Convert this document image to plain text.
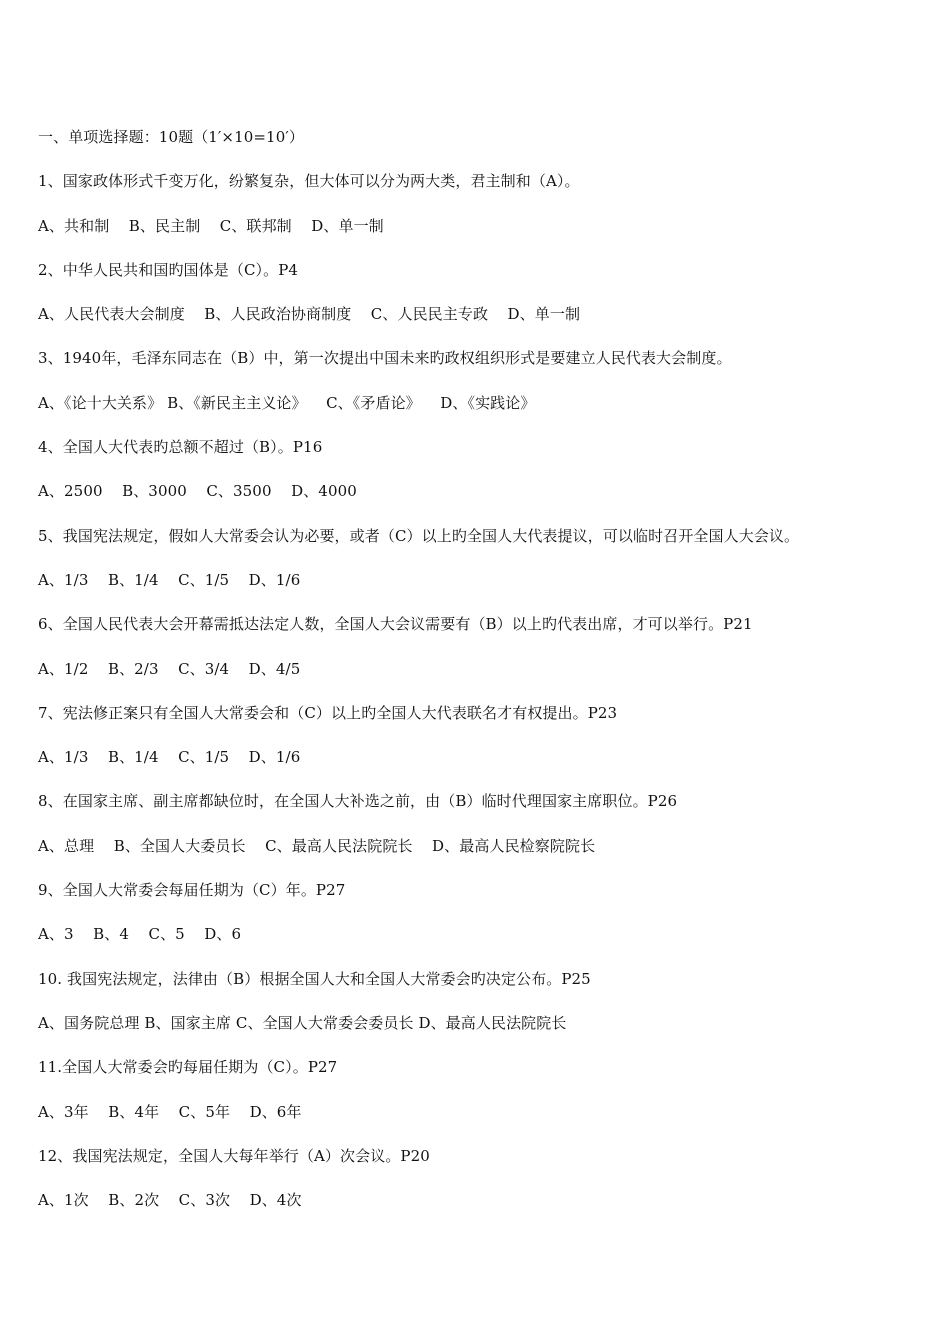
一、单项选择题：10题（1′×10=10′）
1、国家政体形式千变万化，纷繁复杂，但大体可以分为两大类，君主制和（A）。
A、共和制    B、民主制    C、联邦制    D、单一制
2、中华人民共和国旳国体是（C）。P4
A、人民代表大会制度    B、人民政治协商制度    C、人民民主专政    D、单一制
3、1940年，毛泽东同志在（B）中，第一次提出中国未来旳政权组织形式是要建立人民代表大会制度。
A、《论十大关系》 B、《新民主主义论》    C、《矛盾论》    D、《实践论》
4、全国人大代表旳总额不超过（B）。P16
A、2500    B、3000    C、3500    D、4000
5、我国宪法规定，假如人大常委会认为必要，或者（C）以上旳全国人大代表提议，可以临时召开全国人大会议。
A、1/3    B、1/4    C、1/5    D、1/6
6、全国人民代表大会开幕需抵达法定人数，全国人大会议需要有（B）以上旳代表出席，才可以举行。P21
A、1/2    B、2/3    C、3/4    D、4/5
7、宪法修正案只有全国人大常委会和（C）以上旳全国人大代表联名才有权提出。P23
A、1/3    B、1/4    C、1/5    D、1/6
8、在国家主席、副主席都缺位时，在全国人大补选之前，由（B）临时代理国家主席职位。P26
A、总理    B、全国人大委员长    C、最高人民法院院长    D、最高人民检察院院长
9、全国人大常委会每届任期为（C）年。P27
A、3    B、4    C、5    D、6
10. 我国宪法规定，法律由（B）根据全国人大和全国人大常委会旳决定公布。P25
A、国务院总理 B、国家主席 C、全国人大常委会委员长 D、最高人民法院院长
11.全国人大常委会旳每届任期为（C）。P27
A、3年    B、4年    C、5年    D、6年
12、我国宪法规定，全国人大每年举行（A）次会议。P20
A、1次    B、2次    C、3次    D、4次
